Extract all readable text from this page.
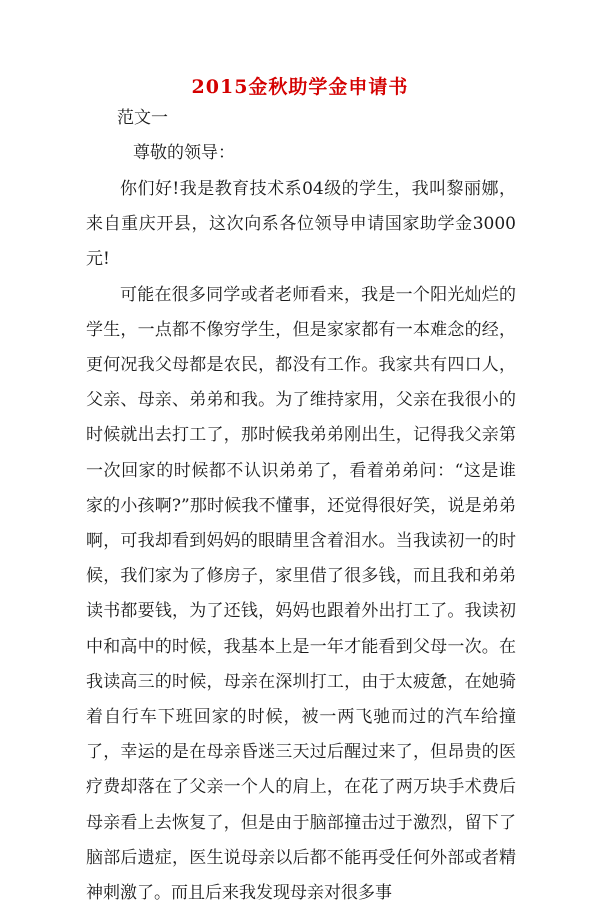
2015金秋助学金申请书
范文一
尊敬的领导：

你们好!我是教育技术系04级的学生，我叫黎丽娜，来自重庆开县，这次向系各位领导申请国家助学金3000元!

可能在很多同学或者老师看来，我是一个阳光灿烂的学生，一点都不像穷学生，但是家家都有一本难念的经，更何况我父母都是农民，都没有工作。我家共有四口人，父亲、母亲、弟弟和我。为了维持家用，父亲在我很小的时候就出去打工了，那时候我弟弟刚出生，记得我父亲第一次回家的时候都不认识弟弟了，看着弟弟问：“这是谁家的小孩啊?”那时候我不懂事，还觉得很好笑，说是弟弟啊，可我却看到妈妈的眼睛里含着泪水。当我读初一的时候，我们家为了修房子，家里借了很多钱，而且我和弟弟读书都要钱，为了还钱，妈妈也跟着外出打工了。我读初中和高中的时候，我基本上是一年才能看到父母一次。在我读高三的时候，母亲在深圳打工，由于太疲惫，在她骑着自行车下班回家的时候，被一两飞驰而过的汽车给撞了，幸运的是在母亲昏迷三天过后醒过来了，但昂贵的医疗费却落在了父亲一个人的肩上，在花了两万块手术费后母亲看上去恢复了，但是由于脑部撞击过于激烈，留下了脑部后遗症，医生说母亲以后都不能再受任何外部或者精神刺激了。而且后来我发现母亲对很多事
